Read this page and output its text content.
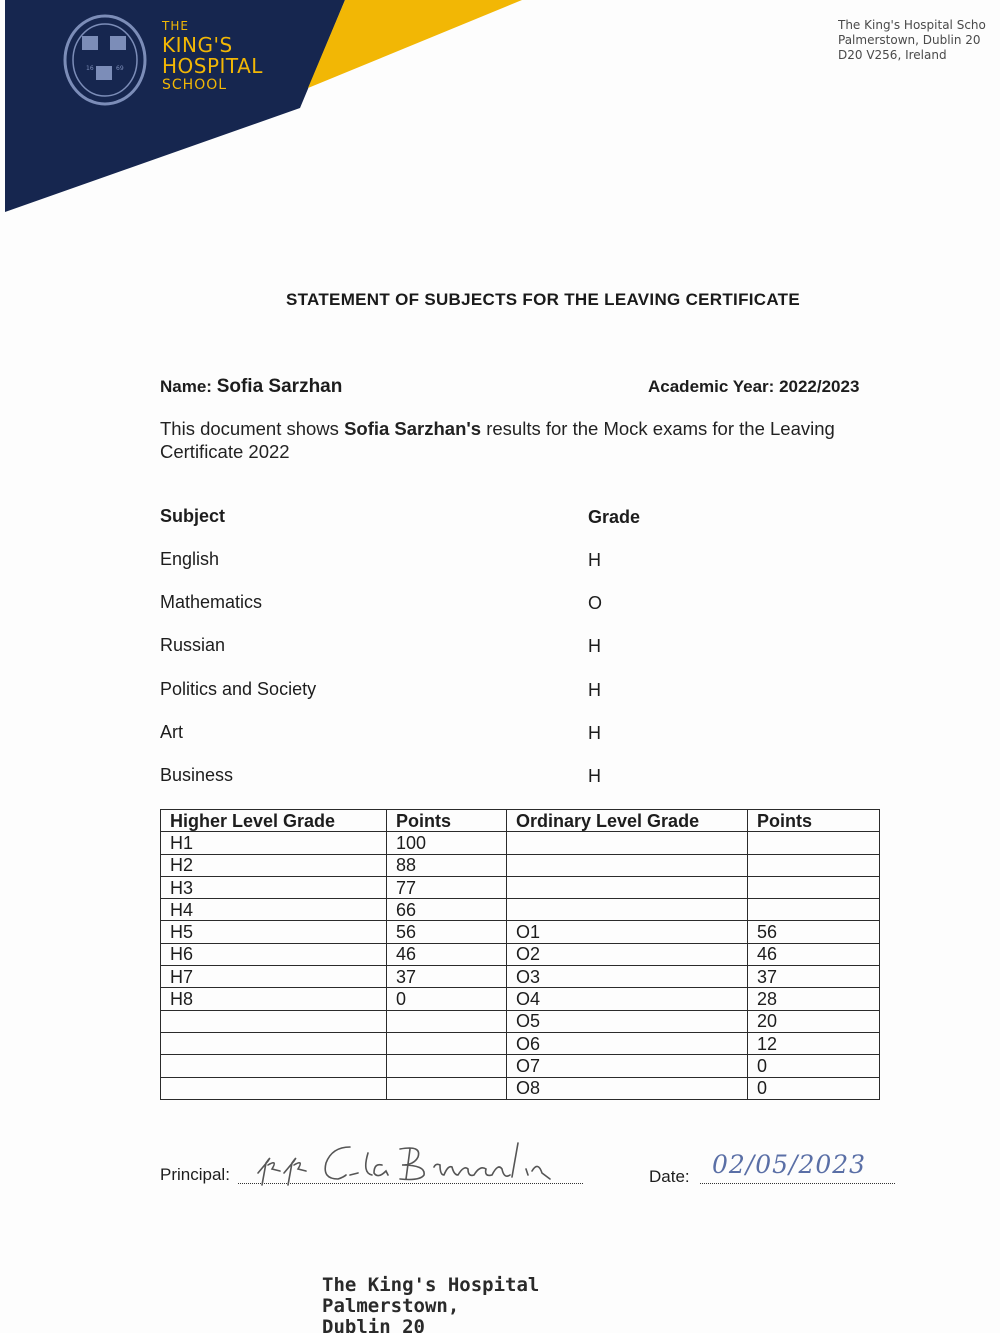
16	69
THE
KING'S
HOSPITAL
SCHOOL
The King's Hospital Scho
Palmerstown, Dublin 20
D20 V256, Ireland
STATEMENT OF SUBJECTS FOR THE LEAVING CERTIFICATE
Name: Sofia Sarzhan	Academic Year: 2022/2023
This document shows Sofia Sarzhan's results for the Mock exams for the Leaving Certificate 2022
Subject	Grade
English	H
Mathematics	O
Russian	H
Politics and Society	H
Art	H
Business	H
Higher Level Grade	Points	Ordinary Level Grade	Points
H1	100		
H2	88		
H3	77		
H4	66		
H5	56	O1	56
H6	46	O2	46
H7	37	O3	37
H8	0	O4	28
		O5	20
		O6	12
		O7	0
		O8	0
Principal:	Date: 02/05/2023
The King's Hospital
Palmerstown,
Dublin 20
